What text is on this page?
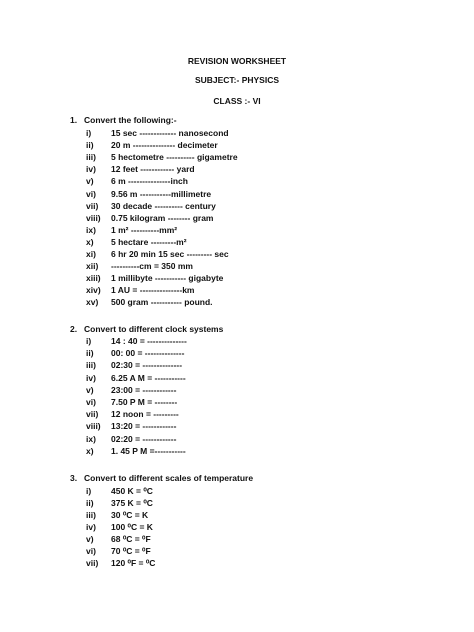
REVISION WORKSHEET
SUBJECT:- PHYSICS
CLASS :- VI
1. Convert the following:-
i) 15 sec ------------- nanosecond
ii) 20 m --------------- decimeter
iii) 5 hectometre ---------- gigametre
iv) 12 feet ------------ yard
v) 6 m ---------------inch
vi) 9.56 m -----------millimetre
vii) 30 decade ---------- century
viii) 0.75 kilogram -------- gram
ix) 1 m² ----------mm²
x) 5 hectare ---------m²
xi) 6 hr 20 min 15 sec --------- sec
xii) ----------cm = 350 mm
xiii) 1 millibyte ----------- gigabyte
xiv) 1 AU = ---------------km
xv) 500 gram ----------- pound.
2. Convert to different clock systems
i) 14 : 40 = --------------
ii) 00: 00 = --------------
iii) 02:30 = --------------
iv) 6.25 A M = -----------
v) 23:00 = ------------
vi) 7.50 P M = --------
vii) 12 noon = ---------
viii) 13:20 = ------------
ix) 02:20 = ------------
x) 1. 45 P M =-----------
3. Convert to different scales of temperature
i) 450 K = ⁰C
ii) 375 K = ⁰C
iii) 30 ⁰C = K
iv) 100 ⁰C = K
v) 68 ⁰C = ⁰F
vi) 70 ⁰C = ⁰F
vii) 120 ⁰F = ⁰C
